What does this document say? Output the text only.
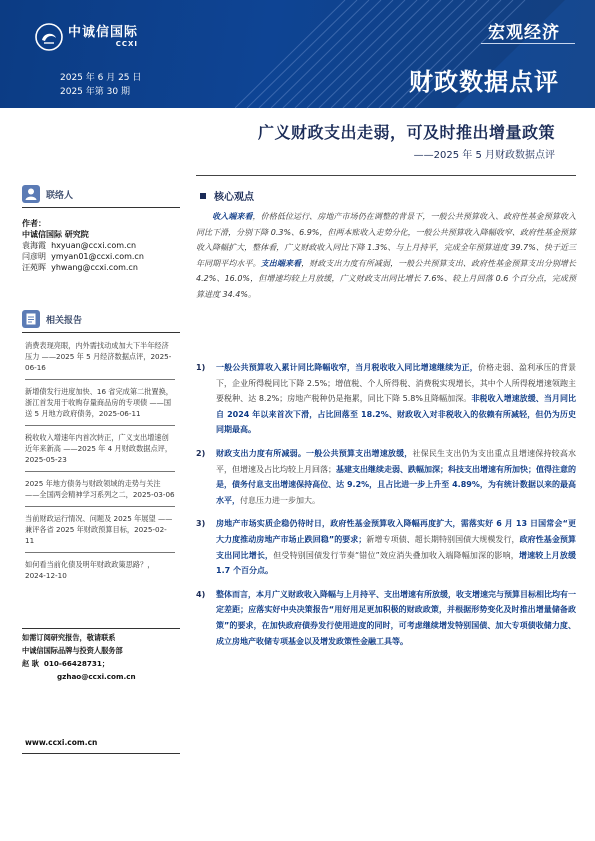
中诚信国际
CCXI
2025 年 6 月 25 日
2025 年第 30 期
宏观经济
财政数据点评
广义财政支出走弱，可及时推出增量政策
——2025 年 5 月财政数据点评
联络人
作者：
中诚信国际 研究院
袁海霞 hxyuan@ccxi.com.cn
闫彦明 ymyan01@ccxi.com.cn
汪苑晖 yhwang@ccxi.com.cn
相关报告
消费表现亮眼，内外需找动成加大下半年经济压力 ——2025 年 5 月经济数据点评，2025-06-16
新增债发行进度加快、16 省完成第二批置换，浙江首发用于收购存量商品房的专项债 ——国送 5 月地方政府债务，2025-06-11
税收收入增速年内首次转正，广义支出增速创近年来新高 ——2025 年 4 月财政数据点评，2025-05-23
2025 年地方债务与财政领域的走势与关注 ——全国两会精神学习系列之二，2025-03-06
当前财政运行情况、问题及 2025 年展望 ——兼评各省 2025 年财政预算目标，2025-02-11
如何看当前化债及明年财政政策思路？，2024-12-10
如需订阅研究报告，敬请联系
中诚信国际品牌与投资人服务部
赵 耿 010-66428731；
gzhao@ccxi.com.cn
www.ccxi.com.cn
核心观点
  收入端来看，价格低位运行、房地产市场仍在调整的背景下，一般公共预算收入、政府性基金预算收入同比下滑，分别下降 0.3%、6.9%，但两本账收入走势分化，一般公共预算收入降幅收窄、政府性基金预算收入降幅扩大，整体看，广义财政收入同比下降 1.3%、与上月持平，完成全年预算进度 39.7%、快于近三年同期平均水平。支出端来看，财政支出力度有所减弱，一般公共预算支出、政府性基金预算支出分别增长 4.2%、16.0%，但增速均较上月放缓，广义财政支出同比增长 7.6%、较上月回落 0.6 个百分点，完成预算进度 34.4%。
1)	一般公共预算收入累计同比降幅收窄，当月税收收入同比增速继续为正，价格走弱、盈利承压的背景下，企业所得税同比下降 2.5%；增值税、个人所得税、消费税实现增长，其中个人所得税增速领跑主要税种、达 8.2%；房地产税种仍是拖累，同比下降 5.8%且降幅加深。非税收入增速放缓、当月同比自 2024 年以来首次下滑，占比回落至 18.2%、财政收入对非税收入的依赖有所减轻，但仍为历史同期最高。
2)	财政支出力度有所减弱。一般公共预算支出增速放缓，社保民生支出仍为支出重点且增速保持较高水平，但增速及占比均较上月回落；基建支出继续走弱、跌幅加深；科技支出增速有所加快；值得注意的是，债务付息支出增速保持高位、达 9.2%，且占比进一步上升至 4.89%，为有统计数据以来的最高水平，付息压力进一步加大。
3)	房地产市场实质企稳仍待时日，政府性基金预算收入降幅再度扩大，需落实好 6 月 13 日国常会“更大力度推动房地产市场止跌回稳”的要求；新增专项债、超长期特别国债大规模发行，政府性基金预算支出同比增长，但受特别国债发行节奏“错位”效应消失叠加收入端降幅加深的影响，增速较上月放缓 1.7 个百分点。
4)	整体而言，本月广义财政收入降幅与上月持平、支出增速有所放缓，收支增速完与预算目标相比均有一定差距；应落实好中央决策报告“用好用足更加积极的财政政策，并根据形势变化及时推出增量储备政策”的要求，在加快政府债券发行使用进度的同时，可考虑继续增发特别国债、加大专项债收储力度、成立房地产收储专项基金以及增发政策性金融工具等。
